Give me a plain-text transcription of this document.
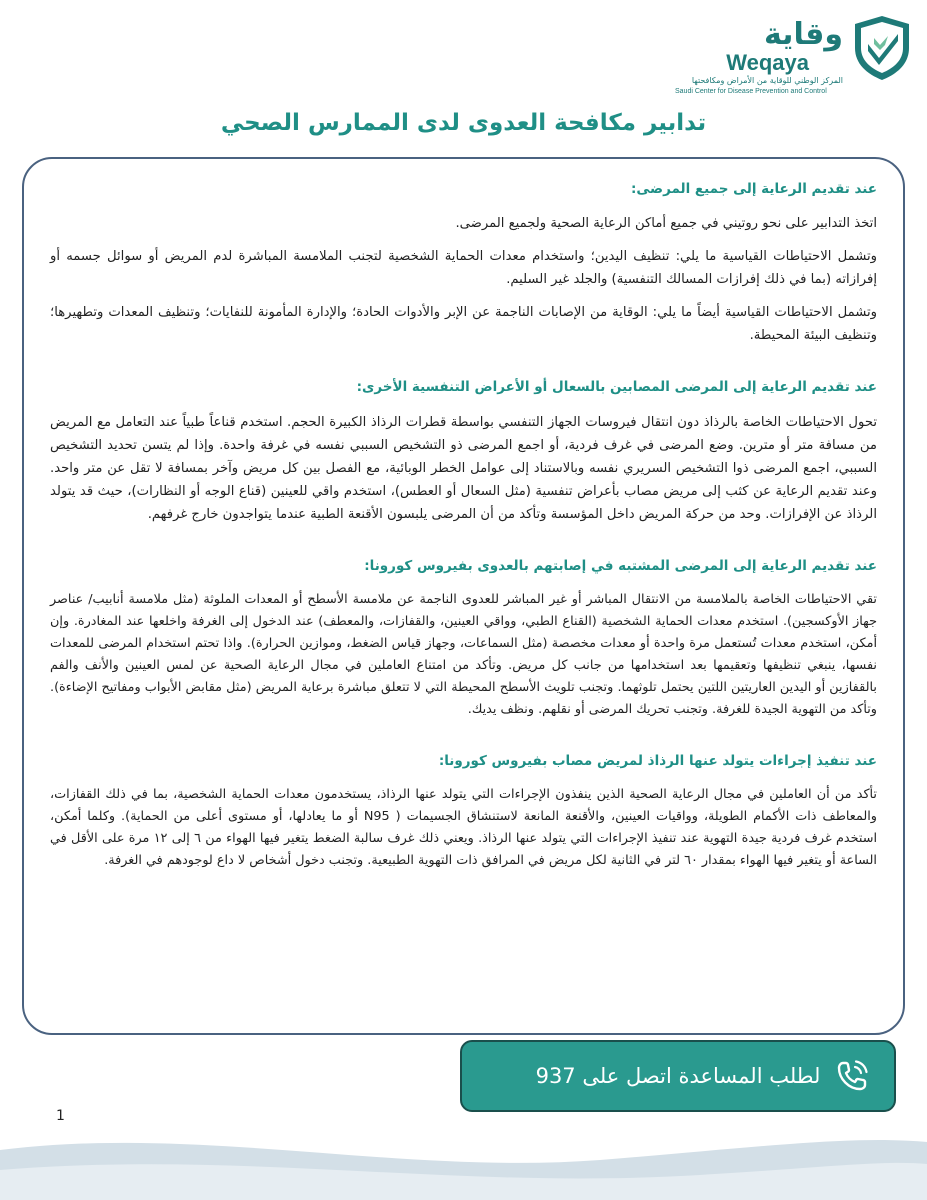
وقاية
Weqaya
المركز الوطني للوقاية من الأمراض ومكافحتها
Saudi Center for Disease Prevention and Control
تدابير مكافحة العدوى لدى الممارس الصحي
عند تقديم الرعاية إلى جميع المرضى:

اتخذ التدابير على نحو روتيني في جميع أماكن الرعاية الصحية ولجميع المرضى.

وتشمل الاحتياطات القياسية ما يلي: تنظيف اليدين؛ واستخدام معدات الحماية الشخصية لتجنب الملامسة المباشرة لدم المريض أو سوائل جسمه أو إفرازاته (بما في ذلك إفرازات المسالك التنفسية) والجلد غير السليم.

وتشمل الاحتياطات القياسية أيضاً ما يلي: الوقاية من الإصابات الناجمة عن الإبر والأدوات الحادة؛ والإدارة المأمونة للنفايات؛ وتنظيف المعدات وتطهيرها؛ وتنظيف البيئة المحيطة.

عند تقديم الرعاية إلى المرضى المصابين بالسعال أو الأعراض التنفسية الأخرى:

تحول الاحتياطات الخاصة بالرذاذ دون انتقال فيروسات الجهاز التنفسي بواسطة قطرات الرذاذ الكبيرة الحجم. استخدم قناعاً طبياً عند التعامل مع المريض من مسافة متر أو مترين. وضع المرضى في غرف فردية، أو اجمع المرضى ذو التشخيص السببي نفسه في غرفة واحدة. وإذا لم يتسن تحديد التشخيص السببي، اجمع المرضى ذوا التشخيص السريري نفسه وبالاستناد إلى عوامل الخطر الوبائية، مع الفصل بين كل مريض وآخر بمسافة لا تقل عن متر واحد. وعند تقديم الرعاية عن كثب إلى مريض مصاب بأعراض تنفسية (مثل السعال أو العطس)، استخدم واقي للعينين (قناع الوجه أو النظارات)، حيث قد يتولد الرذاذ عن الإفرازات. وحد من حركة المريض داخل المؤسسة وتأكد من أن المرضى يلبسون الأقنعة الطبية عندما يتواجدون خارج غرفهم.

عند تقديم الرعاية إلى المرضى المشتبه في إصابتهم بالعدوى بفيروس كورونا:

تقي الاحتياطات الخاصة بالملامسة من الانتقال المباشر أو غير المباشر للعدوى الناجمة عن ملامسة الأسطح أو المعدات الملوثة (مثل ملامسة أنابيب/ عناصر جهاز الأوكسجين). استخدم معدات الحماية الشخصية (القناع الطبي، وواقي العينين، والقفازات، والمعطف) عند الدخول إلى الغرفة واخلعها عند المغادرة. وإن أمكن، استخدم معدات تُستعمل مرة واحدة أو معدات مخصصة (مثل السماعات، وجهاز قياس الضغط، وموازين الحرارة). واذا تحتم استخدام المرضى للمعدات نفسها، ينبغي تنظيفها وتعقيمها بعد استخدامها من جانب كل مريض. وتأكد من امتناع العاملين في مجال الرعاية الصحية عن لمس العينين والأنف والفم بالقفازين أو اليدين العاريتين اللتين يحتمل تلوثهما. وتجنب تلويث الأسطح المحيطة التي لا تتعلق مباشرة برعاية المريض (مثل مقابض الأبواب ومفاتيح الإضاءة). وتأكد من التهوية الجيدة للغرفة. وتجنب تحريك المرضى أو نقلهم. ونظف يديك.

عند تنفيذ إجراءات يتولد عنها الرذاذ لمريض مصاب بفيروس كورونا:

تأكد من أن العاملين في مجال الرعاية الصحية الذين ينفذون الإجراءات التي يتولد عنها الرذاذ، يستخدمون معدات الحماية الشخصية، بما في ذلك القفازات، والمعاطف ذات الأكمام الطويلة، وواقيات العينين، والأقنعة المانعة لاستنشاق الجسيمات ( N95 أو ما يعادلها، أو مستوى أعلى من الحماية). وكلما أمكن، استخدم غرف فردية جيدة التهوية عند تنفيذ الإجراءات التي يتولد عنها الرذاذ. ويعني ذلك غرف سالبة الضغط يتغير فيها الهواء من ٦ إلى ١٢ مرة على الأقل في الساعة أو يتغير فيها الهواء بمقدار ٦٠ لتر في الثانية لكل مريض في المرافق ذات التهوية الطبيعية. وتجنب دخول أشخاص لا داع لوجودهم في الغرفة.

لطلب المساعدة اتصل على 937
1
